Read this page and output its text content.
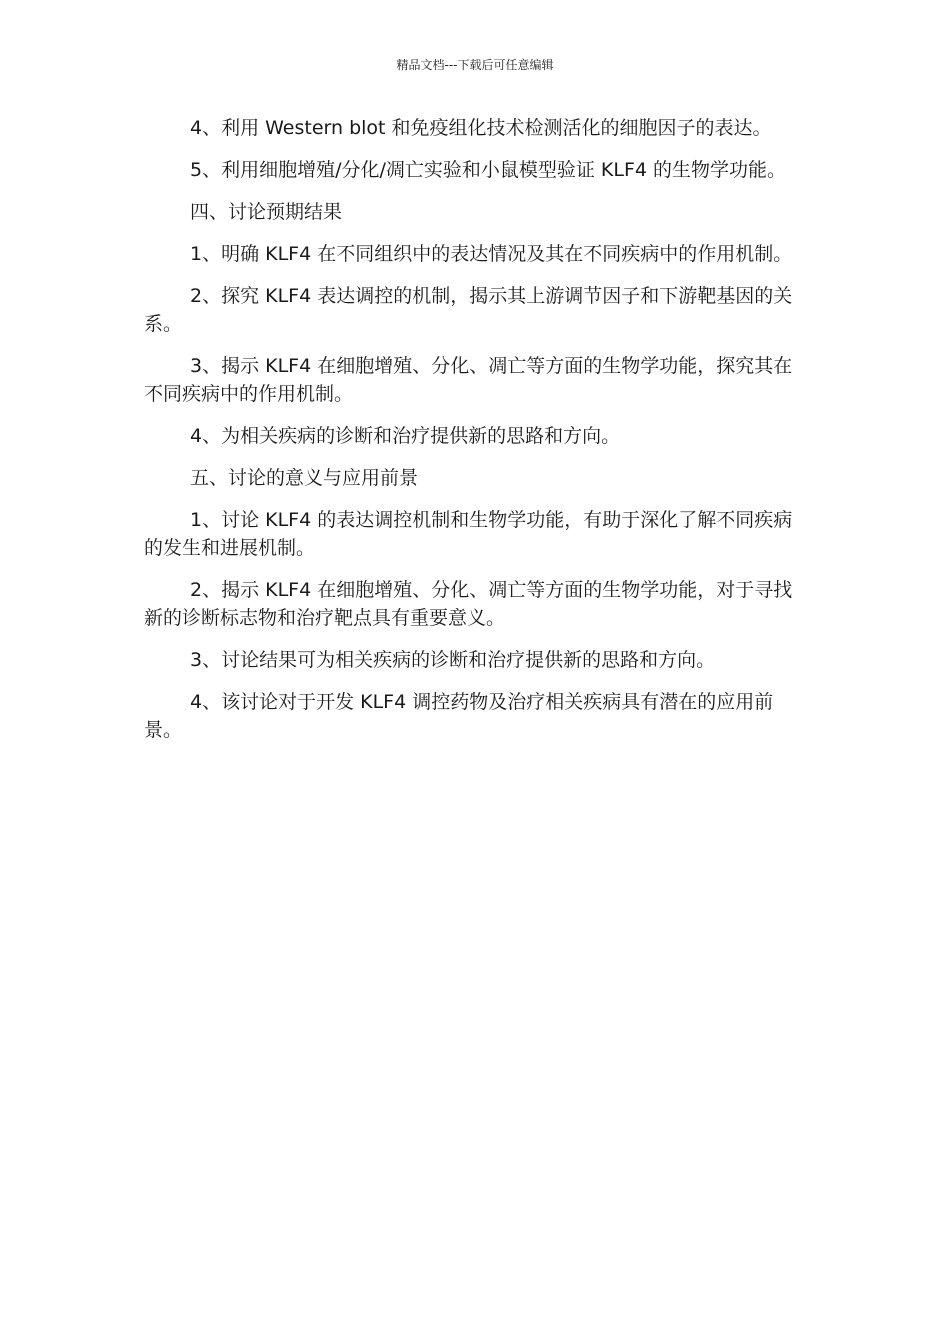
精品文档---下载后可任意编辑

4、利用 Western blot 和免疫组化技术检测活化的细胞因子的表达。

5、利用细胞增殖/分化/凋亡实验和小鼠模型验证 KLF4 的生物学功能。

四、讨论预期结果

1、明确 KLF4 在不同组织中的表达情况及其在不同疾病中的作用机制。

2、探究 KLF4 表达调控的机制，揭示其上游调节因子和下游靶基因的关系。

3、揭示 KLF4 在细胞增殖、分化、凋亡等方面的生物学功能，探究其在不同疾病中的作用机制。

4、为相关疾病的诊断和治疗提供新的思路和方向。

五、讨论的意义与应用前景

1、讨论 KLF4 的表达调控机制和生物学功能，有助于深化了解不同疾病的发生和进展机制。

2、揭示 KLF4 在细胞增殖、分化、凋亡等方面的生物学功能，对于寻找新的诊断标志物和治疗靶点具有重要意义。

3、讨论结果可为相关疾病的诊断和治疗提供新的思路和方向。

4、该讨论对于开发 KLF4 调控药物及治疗相关疾病具有潜在的应用前景。
